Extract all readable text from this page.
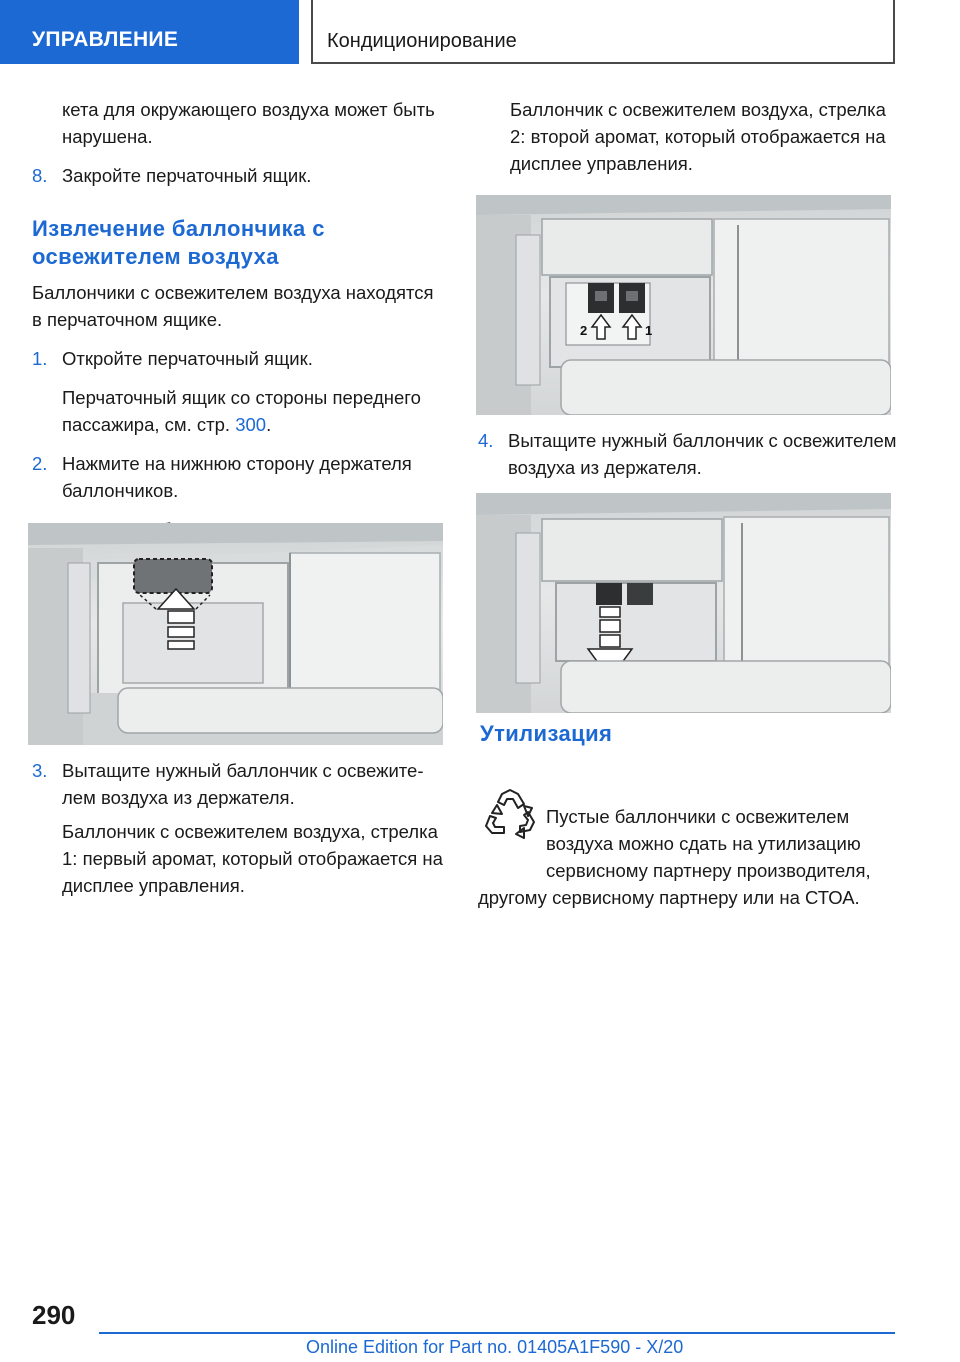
УПРАВЛЕНИЕ	Кондиционирование

кета для окружающего воздуха может быть нарушена.

8. Закройте перчаточный ящик.
Извлечение баллончика с освежителем воздуха

Баллончики с освежителем воздуха находятся в перчаточном ящике.

1. Откройте перчаточный ящик.

Перчаточный ящик со стороны переднего пассажира, см. стр. 300.

2. Нажмите на нижнюю сторону держателя баллончиков.

3. Вытащите нужный баллончик с освежителем воздуха из держателя.

Баллончик с освежителем воздуха, стрелка 1: первый аромат, который отображается на дисплее управления.

Баллончик с освежителем воздуха, стрелка 2: второй аромат, который отображается на дисплее управления.

2	1
4. Вытащите нужный баллончик с освежителем воздуха из держателя.
Утилизация

Пустые баллончики с освежителем воздуха можно сдать на утилизацию сервисному партнеру производителя,

другому сервисному партнеру или на СТОА.

290
Online Edition for Part no. 01405A1F590 - X/20
